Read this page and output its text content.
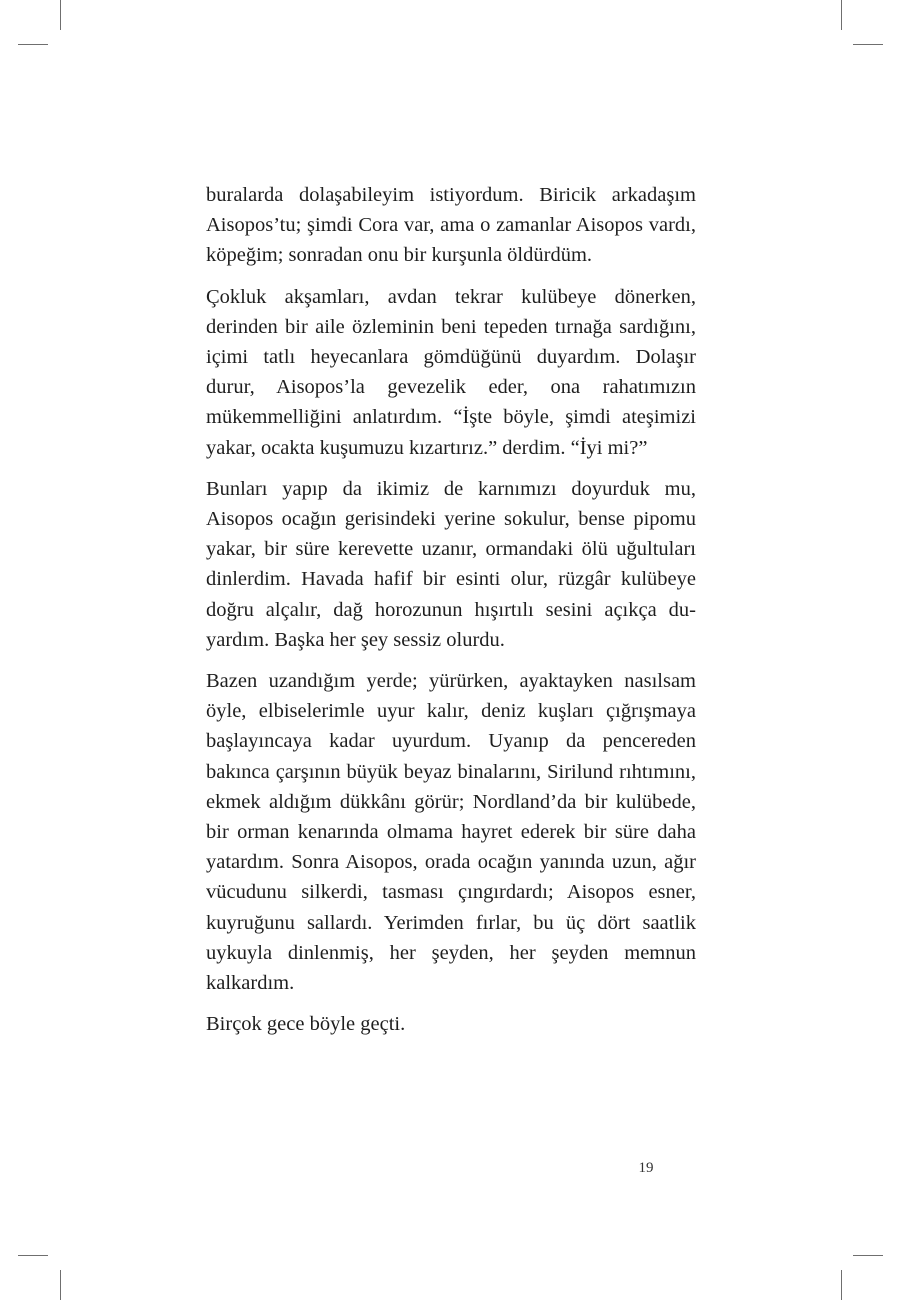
buralarda dolaşabileyim istiyordum. Biricik arkadaşım Aisopos’tu; şimdi Cora var, ama o zamanlar Aisopos vardı, köpeğim; sonradan onu bir kurşunla öldürdüm.

Çokluk akşamları, avdan tekrar kulübeye dönerken, derinden bir aile özleminin beni tepeden tırnağa sardığını, içimi tatlı heyecanlara gömdüğünü duyardım. Dolaşır durur, Aisopos’la gevezelik eder, ona rahatımızın mükemmelliğini anlatırdım. “İşte böyle, şimdi ateşimizi yakar, ocakta kuşumuzu kızartırız.” derdim. “İyi mi?”

Bunları yapıp da ikimiz de karnımızı doyurduk mu, Aisopos ocağın gerisindeki yerine sokulur, bense pipomu yakar, bir süre kerevette uzanır, ormandaki ölü uğultuları dinlerdim. Havada hafif bir esinti olur, rüzgâr kulübeye doğru alçalır, dağ horozunun hışırtılı sesini açıkça duyardım. Başka her şey sessiz olurdu.

Bazen uzandığım yerde; yürürken, ayaktayken nasılsam öyle, elbiselerimle uyur kalır, deniz kuşları çığrışmaya başlayıncaya kadar uyurdum. Uyanıp da pencereden bakınca çarşının büyük beyaz binalarını, Sirilund rıhtımını, ekmek aldığım dükkânı görür; Nordland’da bir kulübede, bir orman kenarında olmama hayret ederek bir süre daha yatardım. Sonra Aisopos, orada ocağın yanında uzun, ağır vücudunu silkerdi, tasması çıngırdardı; Aisopos esner, kuyruğunu sallardı. Yerimden fırlar, bu üç dört saatlik uykuyla dinlenmiş, her şeyden, her şeyden memnun kalkardım.

Birçok gece böyle geçti.

19
